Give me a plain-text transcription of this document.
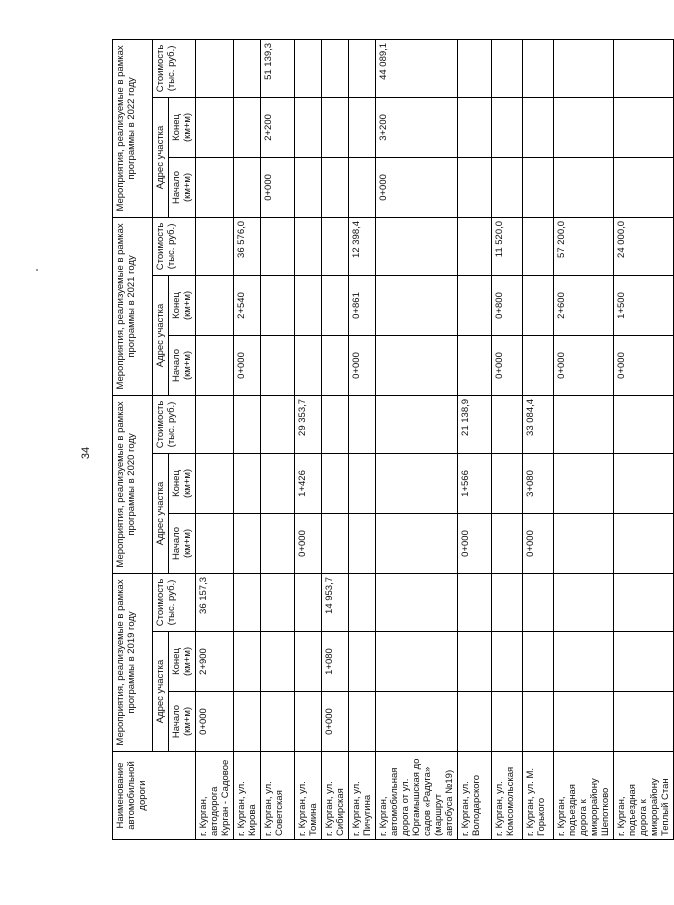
34
Наименование автомобильной дороги	Мероприятия, реализуемые в рамках программы в 2019 году			Мероприятия, реализуемые в рамках программы в 2020 году			Мероприятия, реализуемые в рамках программы в 2021 году			Мероприятия, реализуемые в рамках программы в 2022 году		
	Адрес участка		Стоимость (тыс. руб.)	Адрес участка		Стоимость (тыс. руб.)	Адрес участка		Стоимость (тыс. руб.)	Адрес участка		Стоимость (тыс. руб.)
	Начало (км+м)	Конец (км+м)		Начало (км+м)	Конец (км+м)		Начало (км+м)	Конец (км+м)		Начало (км+м)	Конец (км+м)	
г. Курган, автодорога Курган - Садовое	0+000	2+900	36 157,3									
г. Курган, ул. Кирова							0+000	2+540	36 576,0			
г. Курган, ул. Советская										0+000	2+200	51 139,3
г. Курган, ул. Томина				0+000	1+426	29 353,7						
г. Курган, ул. Сибирская	0+000	1+080	14 953,7									
г. Курган, ул. Пичугина							0+000	0+861	12 398,4			
г. Курган, автомобильная дорога от ул. Юргамышская до садов «Радуга» (маршрут автобуса №19)										0+000	3+200	44 089,1
г. Курган, ул. Володарского				0+000	1+566	21 138,9						
г. Курган, ул. Комсомольская							0+000	0+800	11 520,0			
г. Курган, ул. М. Горького				0+000	3+080	33 084,4						
г. Курган, подъездная дорога к микрорайону Шепотково							0+000	2+600	57 200,0			
г. Курган, подъездная дорога к микрорайону Теплый Стан							0+000	1+500	24 000,0			
